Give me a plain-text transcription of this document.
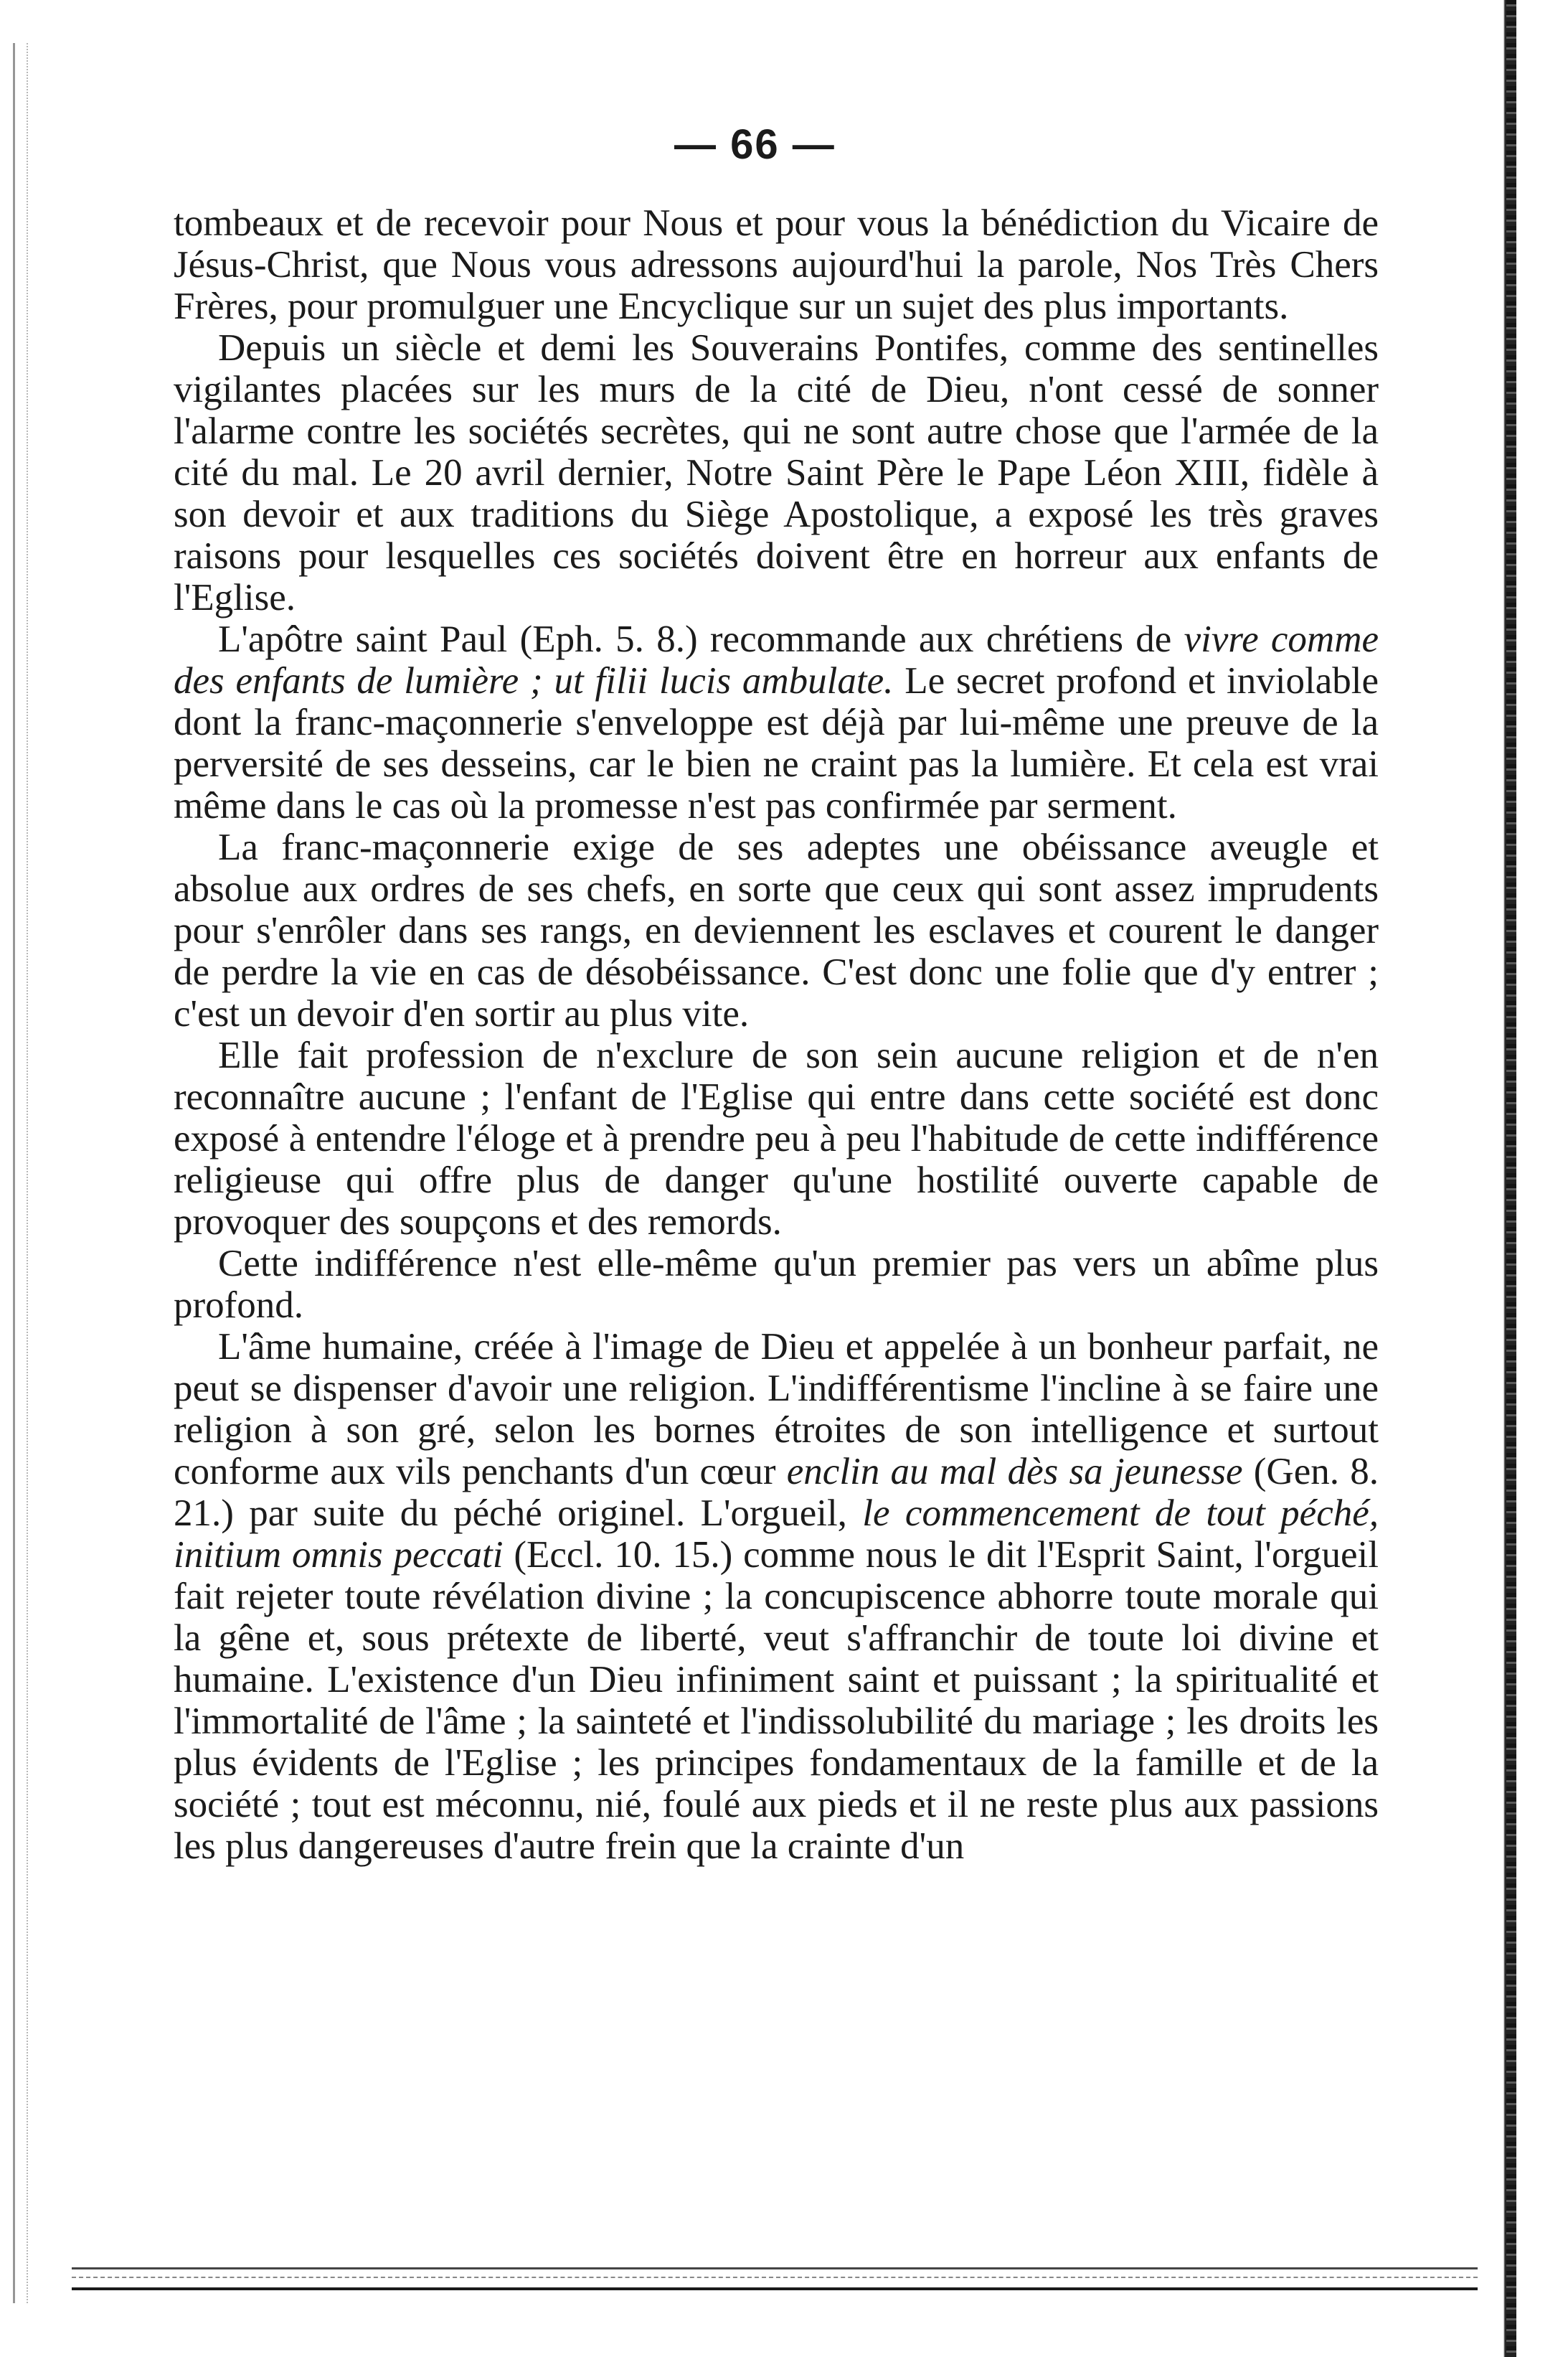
— 66 —

tombeaux et de recevoir pour Nous et pour vous la bénédiction du Vicaire de Jésus-Christ, que Nous vous adressons aujourd'hui la parole, Nos Très Chers Frères, pour promulguer une Encyclique sur un sujet des plus importants.

Depuis un siècle et demi les Souverains Pontifes, comme des sentinelles vigilantes placées sur les murs de la cité de Dieu, n'ont cessé de sonner l'alarme contre les sociétés secrètes, qui ne sont autre chose que l'armée de la cité du mal. Le 20 avril dernier, Notre Saint Père le Pape Léon XIII, fidèle à son devoir et aux traditions du Siège Apostolique, a exposé les très graves raisons pour lesquelles ces sociétés doivent être en horreur aux enfants de l'Eglise.

L'apôtre saint Paul (Eph. 5. 8.) recommande aux chrétiens de vivre comme des enfants de lumière ; ut filii lucis ambulate. Le secret profond et inviolable dont la franc-maçonnerie s'enveloppe est déjà par lui-même une preuve de la perversité de ses desseins, car le bien ne craint pas la lumière. Et cela est vrai même dans le cas où la promesse n'est pas confirmée par serment.

La franc-maçonnerie exige de ses adeptes une obéissance aveugle et absolue aux ordres de ses chefs, en sorte que ceux qui sont assez imprudents pour s'enrôler dans ses rangs, en deviennent les esclaves et courent le danger de perdre la vie en cas de désobéissance. C'est donc une folie que d'y entrer ; c'est un devoir d'en sortir au plus vite.

Elle fait profession de n'exclure de son sein aucune religion et de n'en reconnaître aucune ; l'enfant de l'Eglise qui entre dans cette société est donc exposé à entendre l'éloge et à prendre peu à peu l'habitude de cette indifférence religieuse qui offre plus de danger qu'une hostilité ouverte capable de provoquer des soupçons et des remords.

Cette indifférence n'est elle-même qu'un premier pas vers un abîme plus profond.

L'âme humaine, créée à l'image de Dieu et appelée à un bonheur parfait, ne peut se dispenser d'avoir une religion. L'indifférentisme l'incline à se faire une religion à son gré, selon les bornes étroites de son intelligence et surtout conforme aux vils penchants d'un cœur enclin au mal dès sa jeunesse (Gen. 8. 21.) par suite du péché originel. L'orgueil, le commencement de tout péché, initium omnis peccati (Eccl. 10. 15.) comme nous le dit l'Esprit Saint, l'orgueil fait rejeter toute révélation divine ; la concupiscence abhorre toute morale qui la gêne et, sous prétexte de liberté, veut s'affranchir de toute loi divine et humaine. L'existence d'un Dieu infiniment saint et puissant ; la spiritualité et l'immortalité de l'âme ; la sainteté et l'indissolubilité du mariage ; les droits les plus évidents de l'Eglise ; les principes fondamentaux de la famille et de la société ; tout est méconnu, nié, foulé aux pieds et il ne reste plus aux passions les plus dangereuses d'autre frein que la crainte d'un
